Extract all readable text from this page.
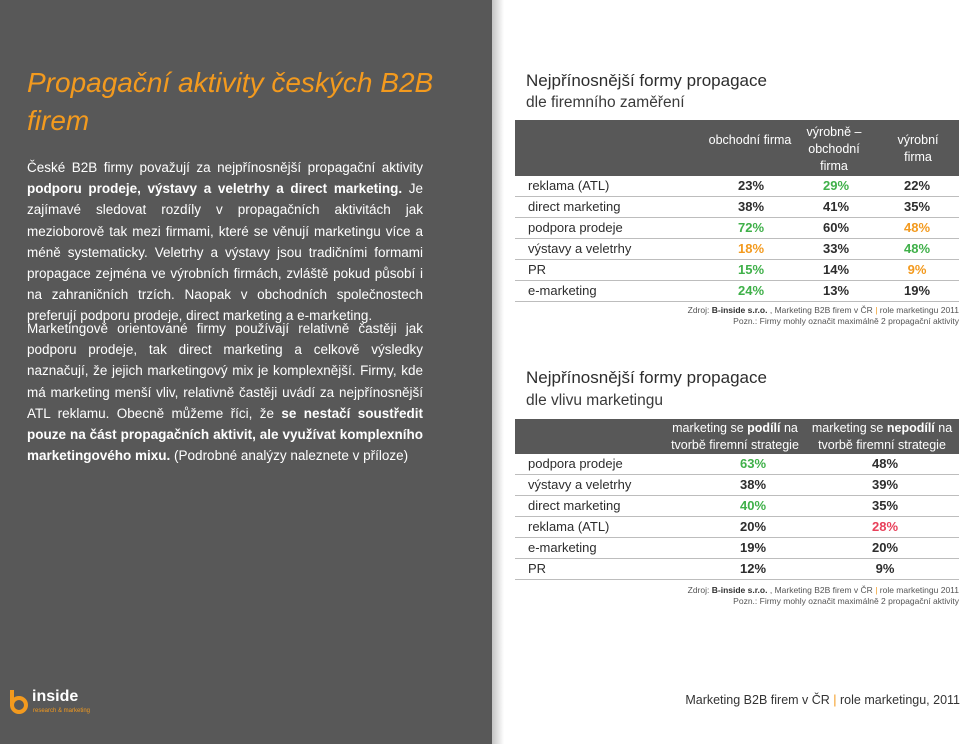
Propagační aktivity českých B2B firem

České B2B firmy považují za nejpřínosnější propagační aktivity podporu prodeje, výstavy a veletrhy a direct marketing. Je zajímavé sledovat rozdíly v propagačních aktivitách jak mezioborově tak mezi firmami, které se věnují marketingu více a méně systematicky. Veletrhy a výstavy jsou tradičními formami propagace zejména ve výrobních firmách, zvláště pokud působí i na zahraničních trzích. Naopak v obchodních společnostech preferují podporu prodeje, direct marketing a e-marketing.

Marketingově orientované firmy používají relativně častěji jak podporu prodeje, tak direct marketing a celkově výsledky naznačují, že jejich marketingový mix je komplexnější. Firmy, kde má marketing menší vliv, relativně častěji uvádí za nejpřínosnější ATL reklamu. Obecně můžeme říci, že se nestačí soustředit pouze na část propagačních aktivit, ale využívat komplexního marketingového mixu. (Podrobné analýzy naleznete v příloze)

inside
research & marketing
Nejpřínosnější formy propagace
dle firemního zaměření
obchodní firma
výrobně – obchodní firma
výrobní firma
reklama (ATL)	23%	29%	22%
direct marketing	38%	41%	35%
podpora prodeje	72%	60%	48%
výstavy a veletrhy	18%	33%	48%
PR	15%	14%	9%
e-marketing	24%	13%	19%
Zdroj: B-inside s.r.o. , Marketing B2B firem v ČR | role marketingu 2011
Pozn.: Firmy mohly označit maximálně 2 propagační aktivity
Nejpřínosnější formy propagace
dle vlivu marketingu
marketing se podílí na
tvorbě firemní strategie
marketing se nepodílí na
tvorbě firemní strategie
podpora prodeje	63%	48%
výstavy a veletrhy	38%	39%
direct marketing	40%	35%
reklama (ATL)	20%	28%
e-marketing	19%	20%
PR	12%	9%
Zdroj: B-inside s.r.o. , Marketing B2B firem v ČR | role marketingu 2011
Pozn.: Firmy mohly označit maximálně 2 propagační aktivity
Marketing B2B firem v ČR | role marketingu, 2011
